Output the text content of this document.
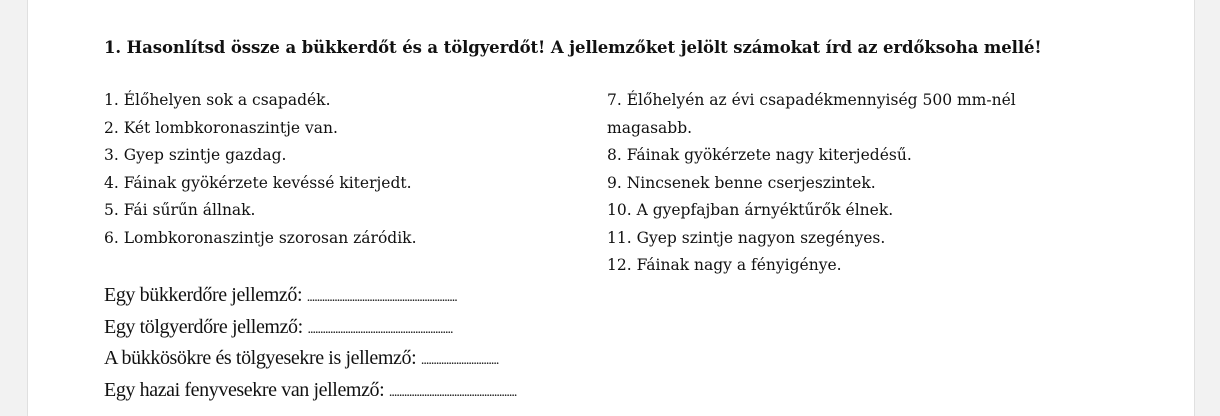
1. Hasonlítsd össze a bükkerdőt és a tölgyerdőt! A jellemzőket jelölt számokat írd az erdőksoha mellé!
1. Élőhelyen sok a csapadék.
2. Két lombkoronaszintje van.
3. Gyep szintje gazdag.
4. Fáinak gyökérzete kevéssé kiterjedt.
5. Fái sűrűn állnak.
6. Lombkoronaszintje szorosan záródik.
7. Élőhelyén az évi csapadékmennyiség 500 mm-nél magasabb.
8. Fáinak gyökérzete nagy kiterjedésű.
9. Nincsenek benne cserjeszintek.
10. A gyepfajban árnyéktűrők élnek.
11. Gyep szintje nagyon szegényes.
12. Fáinak nagy a fényigénye.
Egy bükkerdőre jellemző: ............................................................
Egy tölgyerdőre jellemző: ..........................................................
A bükkösökre és tölgyesekre is jellemző: ...............................
Egy hazai fenyvesekre van jellemző: ...................................................
